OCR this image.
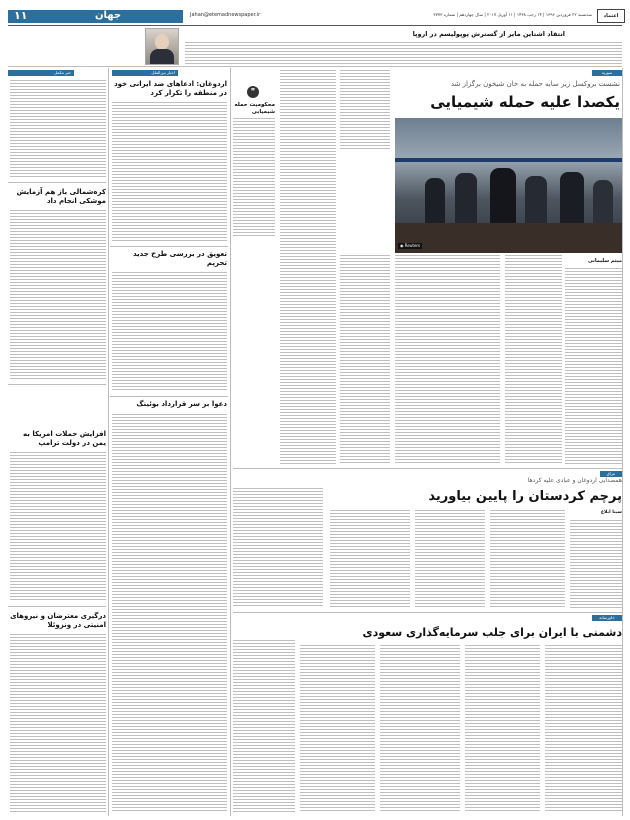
۱۱	جهان	Jahan@etemadnewspaper.ir	سه‌شنبه ۲۲ فروردین ۱۳۹۶ | ۱۴ رجب ۱۴۳۸ | ۱۱ آوریل ۲۰۱۷ | سال چهاردهم | شماره ۳۷۷۳	اعتماد
انتقاد اشتاین مایر از گسترش پوپولیسم در اروپا
خبر مکمل
کره‌شمالی باز هم آزمایش موشکی انجام داد
افزایش حملات امریکا به یمن در دولت ترامپ
درگیری معترضان و نیروهای امنیتی در ونزوئلا
اخبار بین‌الملل
اردوغان: ادعاهای ضد ایرانی خود در منطقه را تکرار کرد
تعویق در بررسی طرح جدید تحریم
دعوا بر سر قرارداد بوئینگ
❞
محکومیت حمله شیمیایی
سوریه
نشست بروکسل زیر سایه حمله به خان شیخون برگزار شد
یکصدا علیه حمله شیمیایی
◉ Reuters
میثم سلیمانی
عراق
همصدایی اردوغان و عبادی علیه کردها
پرچم کردستان را پایین بیاورید
سینا ابلاغ
خاورمیانه
دشمنی با ایران برای جلب سرمایه‌گذاری سعودی
